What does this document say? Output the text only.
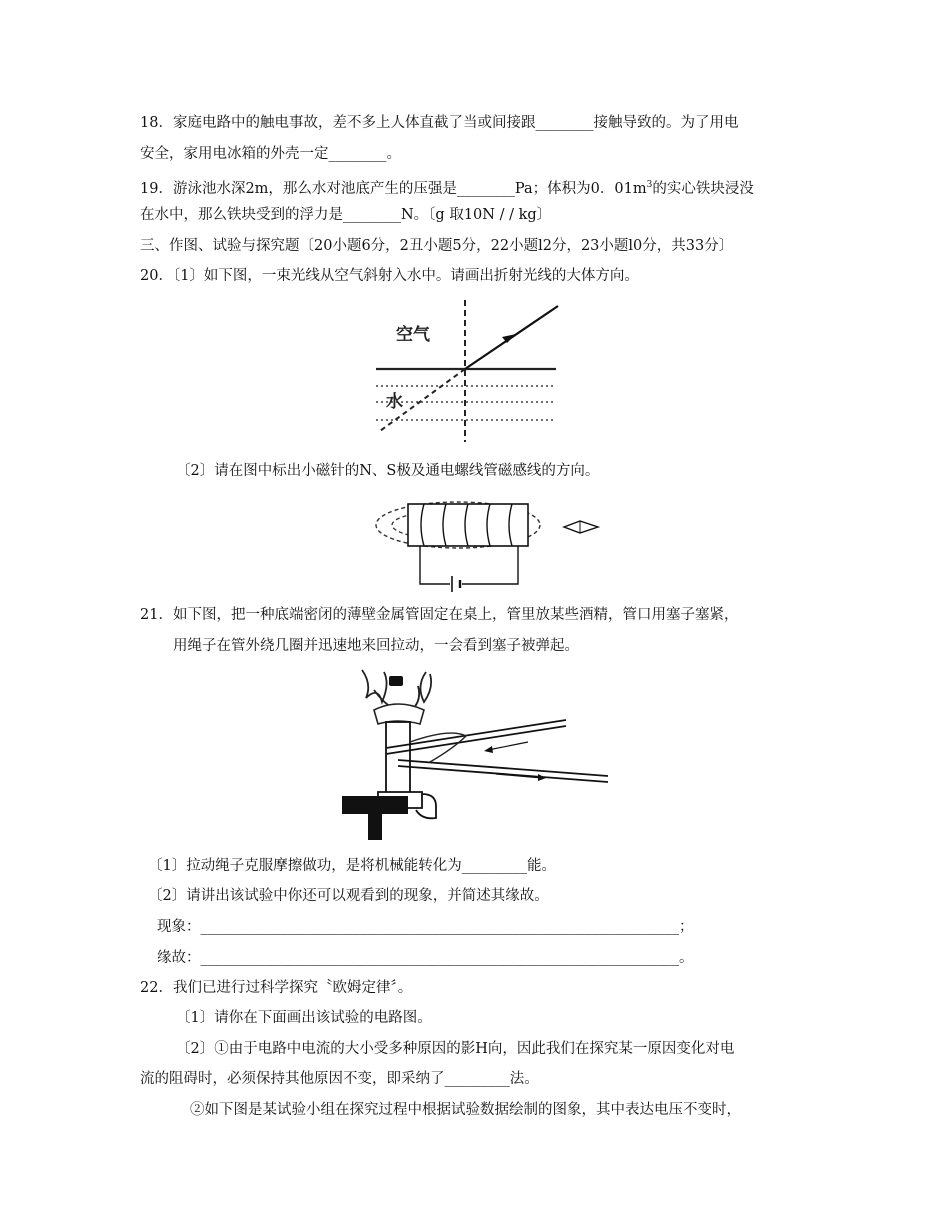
18．家庭电路中的触电事故，差不多上人体直截了当或间接跟________接触导致的。为了用电
安全，家用电冰箱的外壳一定________。
19．游泳池水深2m，那么水对池底产生的压强是________Pa；体积为0．$01m^3$的实心铁块浸没
在水中，那么铁块受到的浮力是________N。〔g 取10N / / kg〕
三、作图、试验与探究题〔20小题6分，2丑小题5分，22小题l2分，23小题l0分，共33分〕
20．〔1〕如下图，一束光线从空气斜射入水中。请画出折射光线的大体方向。
空气
水
〔2〕请在图中标出小磁针的N、S极及通电螺线管磁感线的方向。
21．如下图，把一种底端密闭的薄壁金属管固定在桌上，管里放某些酒精，管口用塞子塞紧，
用绳子在管外绕几圈并迅速地来回拉动，一会看到塞子被弹起。
〔1〕拉动绳子克服摩擦做功，是将机械能转化为_________能。
〔2〕请讲出该试验中你还可以观看到的现象，并简述其缘故。
现象：__________________________________________________________________；
缘故：__________________________________________________________________。
22．我们已进行过科学探究〝欧姆定律〞。
〔1〕请你在下面画出该试验的电路图。
〔2〕①由于电路中电流的大小受多种原因的影H向，因此我们在探究某一原因变化对电
流的阻碍时，必须保持其他原因不变，即采纳了_________法。
②如下图是某试验小组在探究过程中根据试验数据绘制的图象，其中表达电压不变时，
